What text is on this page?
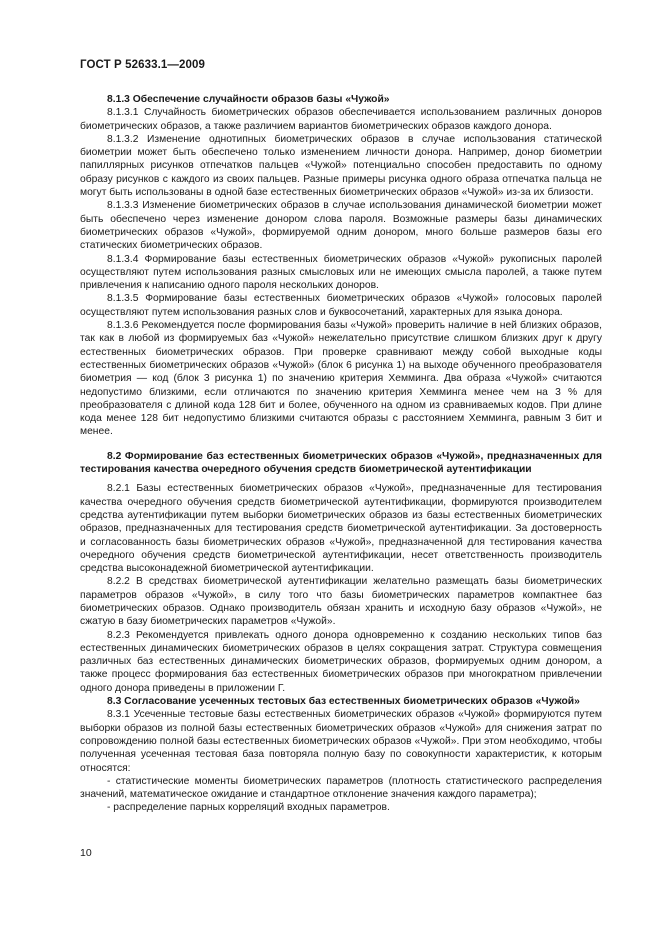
ГОСТ Р 52633.1—2009
8.1.3 Обеспечение случайности образов базы «Чужой»

8.1.3.1 Случайность биометрических образов обеспечивается использованием различных доноров биометрических образов, а также различием вариантов биометрических образов каждого донора.

8.1.3.2 Изменение однотипных биометрических образов в случае использования статической биометрии может быть обеспечено только изменением личности донора. Например, донор биометрии папиллярных рисунков отпечатков пальцев «Чужой» потенциально способен предоставить по одному образу рисунков с каждого из своих пальцев. Разные примеры рисунка одного образа отпечатка пальца не могут быть использованы в одной базе естественных биометрических образов «Чужой» из-за их близости.

8.1.3.3 Изменение биометрических образов в случае использования динамической биометрии может быть обеспечено через изменение донором слова пароля. Возможные размеры базы динамических биометрических образов «Чужой», формируемой одним донором, много больше размеров базы его статических биометрических образов.

8.1.3.4 Формирование базы естественных биометрических образов «Чужой» рукописных паролей осуществляют путем использования разных смысловых или не имеющих смысла паролей, а также путем привлечения к написанию одного пароля нескольких доноров.

8.1.3.5 Формирование базы естественных биометрических образов «Чужой» голосовых паролей осуществляют путем использования разных слов и буквосочетаний, характерных для языка донора.

8.1.3.6 Рекомендуется после формирования базы «Чужой» проверить наличие в ней близких образов, так как в любой из формируемых баз «Чужой» нежелательно присутствие слишком близких друг к другу естественных биометрических образов. При проверке сравнивают между собой выходные коды естественных биометрических образов «Чужой» (блок 6 рисунка 1) на выходе обученного преобразователя биометрия — код (блок 3 рисунка 1) по значению критерия Хемминга. Два образа «Чужой» считаются недопустимо близкими, если отличаются по значению критерия Хемминга менее чем на 3 % для преобразователя с длиной кода 128 бит и более, обученного на одном из сравниваемых кодов. При длине кода менее 128 бит недопустимо близкими считаются образы с расстоянием Хемминга, равным 3 бит и менее.

8.2 Формирование баз естественных биометрических образов «Чужой», предназначенных для тестирования качества очередного обучения средств биометрической аутентификации

8.2.1 Базы естественных биометрических образов «Чужой», предназначенные для тестирования качества очередного обучения средств биометрической аутентификации, формируются производителем средства аутентификации путем выборки биометрических образов из базы естественных биометрических образов, предназначенных для тестирования средств биометрической аутентификации. За достоверность и согласованность базы биометрических образов «Чужой», предназначенной для тестирования качества очередного обучения средств биометрической аутентификации, несет ответственность производитель средства высоконадежной биометрической аутентификации.

8.2.2 В средствах биометрической аутентификации желательно размещать базы биометрических параметров образов «Чужой», в силу того что базы биометрических параметров компактнее баз биометрических образов. Однако производитель обязан хранить и исходную базу образов «Чужой», не сжатую в базу биометрических параметров «Чужой».

8.2.3 Рекомендуется привлекать одного донора одновременно к созданию нескольких типов баз естественных динамических биометрических образов в целях сокращения затрат. Структура совмещения различных баз естественных динамических биометрических образов, формируемых одним донором, а также процесс формирования баз естественных биометрических образов при многократном привлечении одного донора приведены в приложении Г.

8.3 Согласование усеченных тестовых баз естественных биометрических образов «Чужой»

8.3.1 Усеченные тестовые базы естественных биометрических образов «Чужой» формируются путем выборки образов из полной базы естественных биометрических образов «Чужой» для снижения затрат по сопровождению полной базы естественных биометрических образов «Чужой». При этом необходимо, чтобы полученная усеченная тестовая база повторяла полную базу по совокупности характеристик, к которым относятся:

- статистические моменты биометрических параметров (плотность статистического распределения значений, математическое ожидание и стандартное отклонение значения каждого параметра);

- распределение парных корреляций входных параметров.

10
